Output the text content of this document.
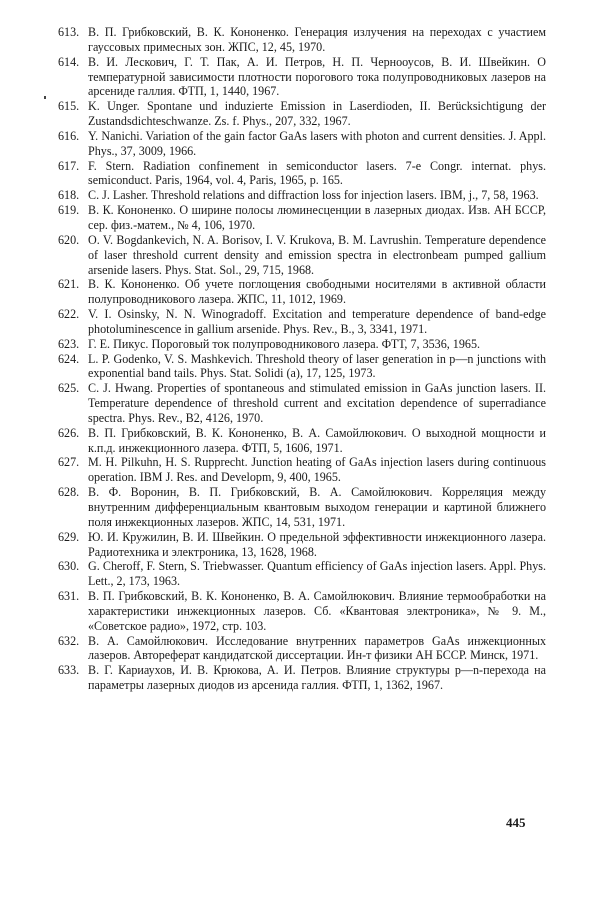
613. В. П. Грибковский, В. К. Кононенко. Генерация излучения на переходах с участием гауссовых примесных зон. ЖПС, 12, 45, 1970.
614. В. И. Лескович, Г. Т. Пак, А. И. Петров, Н. П. Чернооусов, В. И. Швейкин. О температурной зависимости плотности порогового тока полупроводниковых лазеров на арсениде галлия. ФТП, 1, 1440, 1967.
615. K. Unger. Spontane und induzierte Emission in Laserdioden, II. Berücksichtigung der Zustandsdichteschwanze. Zs. f. Phys., 207, 332, 1967.
616. Y. Nanichi. Variation of the gain factor GaAs lasers with photon and current densities. J. Appl. Phys., 37, 3009, 1966.
617. F. Stern. Radiation confinement in semiconductor lasers. 7-e Congr. internat. phys. semiconduct. Paris, 1964, vol. 4, Paris, 1965, p. 165.
618. C. J. Lasher. Threshold relations and diffraction loss for injection lasers. IBM, j., 7, 58, 1963.
619. В. К. Кононенко. О ширине полосы люминесценции в лазерных диодах. Изв. АН БССР, сер. физ.-матем., № 4, 106, 1970.
620. O. V. Bogdankevich, N. A. Borisov, I. V. Krukova, B. M. Lavrushin. Temperature dependence of laser threshold current density and emission spectra in electronbeam pumped gallium arsenide lasers. Phys. Stat. Sol., 29, 715, 1968.
621. В. К. Кононенко. Об учете поглощения свободными носителями в активной области полупроводникового лазера. ЖПС, 11, 1012, 1969.
622. V. I. Osinsky, N. N. Winogradoff. Excitation and temperature dependence of band-edge photoluminescence in gallium arsenide. Phys. Rev., B., 3, 3341, 1971.
623. Г. Е. Пикус. Пороговый ток полупроводникового лазера. ФТТ, 7, 3536, 1965.
624. L. P. Godenko, V. S. Mashkevich. Threshold theory of laser generation in p—n junctions with exponential band tails. Phys. Stat. Solidi (a), 17, 125, 1973.
625. C. J. Hwang. Properties of spontaneous and stimulated emission in GaAs junction lasers. II. Temperature dependence of threshold current and excitation dependence of superradiance spectra. Phys. Rev., B2, 4126, 1970.
626. В. П. Грибковский, В. К. Кононенко, В. А. Самойлюкович. О выходной мощности и к.п.д. инжекционного лазера. ФТП, 5, 1606, 1971.
627. M. H. Pilkuhn, H. S. Rupprecht. Junction heating of GaAs injection lasers during continuous operation. IBM J. Res. and Developm, 9, 400, 1965.
628. В. Ф. Воронин, В. П. Грибковский, В. А. Самойлюкович. Корреляция между внутренним дифференциальным квантовым выходом генерации и картиной ближнего поля инжекционных лазеров. ЖПС, 14, 531, 1971.
629. Ю. И. Кружилин, В. И. Швейкин. О предельной эффективности инжекционного лазера. Радиотехника и электроника, 13, 1628, 1968.
630. G. Cheroff, F. Stern, S. Triebwasser. Quantum efficiency of GaAs injection lasers. Appl. Phys. Lett., 2, 173, 1963.
631. В. П. Грибковский, В. К. Кононенко, В. А. Самойлюкович. Влияние термообработки на характеристики инжекционных лазеров. Сб. «Квантовая электроника», № 9. М., «Советское радио», 1972, стр. 103.
632. В. А. Самойлюкович. Исследование внутренних параметров GaAs инжекционных лазеров. Автореферат кандидатской диссертации. Ин-т физики АН БССР. Минск, 1971.
633. В. Г. Кариаухов, И. В. Крюкова, А. И. Петров. Влияние структуры p—n-перехода на параметры лазерных диодов из арсенида галлия. ФТП, 1, 1362, 1967.
445
